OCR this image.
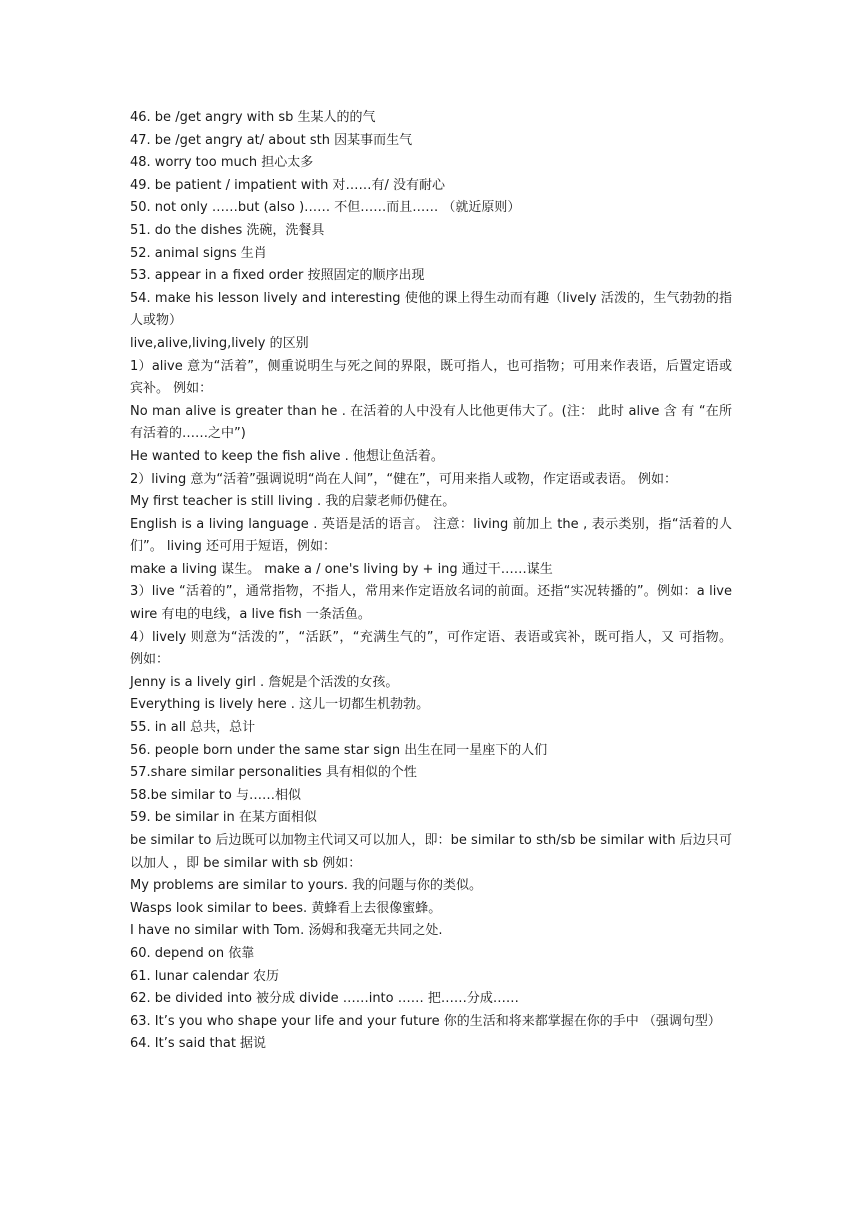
46. be /get angry with sb 生某人的的气
47. be /get angry at/ about sth 因某事而生气
48. worry too much 担心太多
49. be patient / impatient with 对……有/ 没有耐心
50. not only ……but (also )…… 不但……而且…… （就近原则）
51. do the dishes 洗碗，洗餐具
52. animal signs 生肖
53. appear in a fixed order 按照固定的顺序出现
54. make his lesson lively and interesting 使他的课上得生动而有趣（lively 活泼的，生气勃勃的指人或物）
live,alive,living,lively 的区别
1）alive 意为“活着”，侧重说明生与死之间的界限，既可指人，也可指物；可用来作表语，后置定语或宾补。 例如：
No man alive is greater than he . 在活着的人中没有人比他更伟大了。(注： 此时 alive 含 有 “在所有活着的……之中”)
He wanted to keep the fish alive . 他想让鱼活着。
2）living 意为“活着”强调说明“尚在人间”，“健在”，可用来指人或物，作定语或表语。 例如：
My first teacher is still living . 我的启蒙老师仍健在。
English is a living language . 英语是活的语言。 注意：living 前加上 the , 表示类别，指“活着的人们”。 living 还可用于短语，例如：
make a living 谋生。 make a / one's living by + ing 通过干……谋生
3）live “活着的”，通常指物，不指人，常用来作定语放名词的前面。还指“实况转播的”。例如：a live wire 有电的电线，a live fish 一条活鱼。
4）lively 则意为“活泼的”，“活跃”，“充满生气的”，可作定语、表语或宾补，既可指人，又 可指物。 例如：
Jenny is a lively girl . 詹妮是个活泼的女孩。
Everything is lively here . 这儿一切都生机勃勃。
55. in all 总共，总计
56. people born under the same star sign 出生在同一星座下的人们
57.share similar personalities 具有相似的个性
58.be similar to 与……相似
59. be similar in 在某方面相似
be similar to 后边既可以加物主代词又可以加人，即：be similar to sth/sb be similar with 后边只可以加人 ，即 be similar with sb 例如：
My problems are similar to yours. 我的问题与你的类似。
Wasps look similar to bees. 黄蜂看上去很像蜜蜂。
I have no similar with Tom. 汤姆和我毫无共同之处.
60. depend on 依靠
61. lunar calendar 农历
62. be divided into 被分成 divide ……into …… 把……分成……
63. It’s you who shape your life and your future 你的生活和将来都掌握在你的手中 （强调句型）
64. It’s said that 据说
